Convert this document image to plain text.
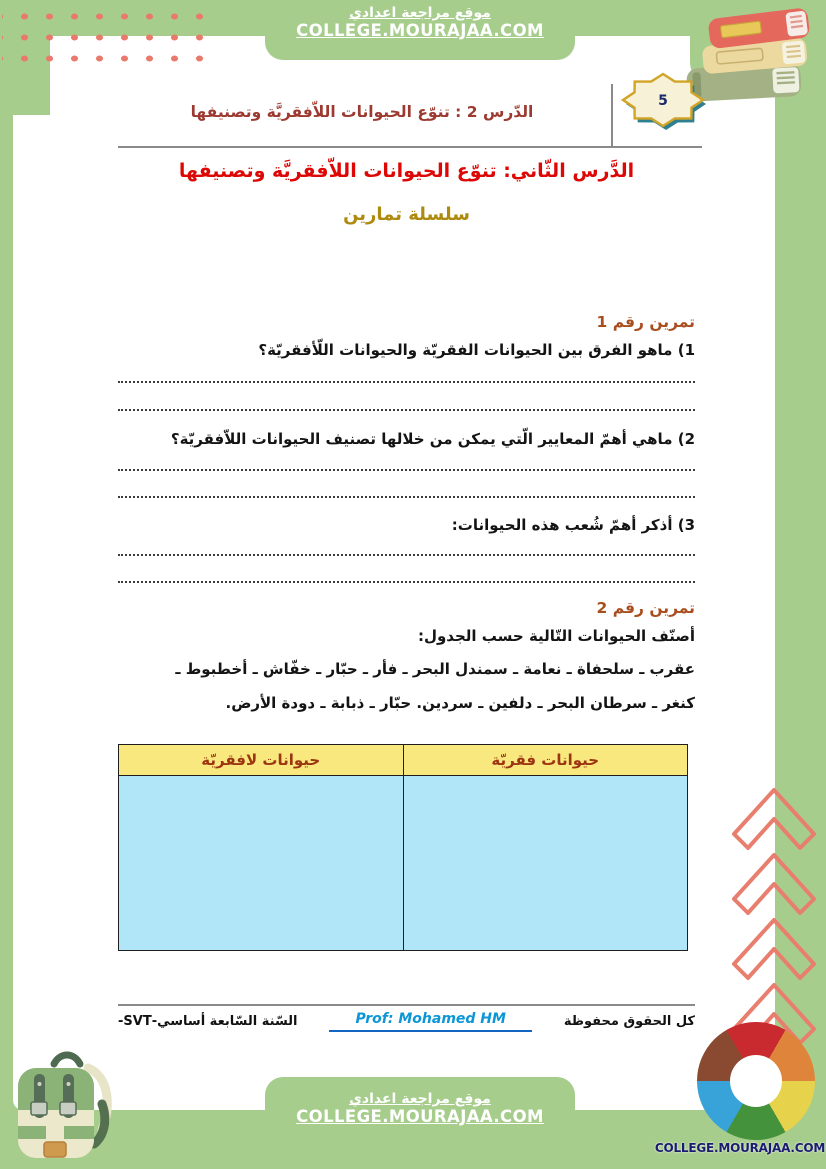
موقع مراجعة اعدادي
COLLEGE.MOURAJAA.COM
5
الدّرس 2 : تنوّع الحيوانات اللاّفقريَّة وتصنيفها
الدَّرس الثّاني: تنوّع الحيوانات اللاّفقريَّة وتصنيفها
سلسلة تمارين
تمرين رقم 1
1) ماهو الفرق بين الحيوانات الفقريّة والحيوانات اللّأفقريّة؟
2) ماهي أهمّ المعايير الّتي يمكن من خلالها تصنيف الحيوانات اللاّفقريّة؟
3) أذكر أهمّ شُعب هذه الحيوانات:
تمرين رقم 2
أصنّف الحيوانات التّالية حسب الجدول:
عقرب ـ سلحفاة ـ نعامة ـ سمندل البحر ـ فأر ـ حبّار ـ خفّاش ـ أخطبوط ـ
كنغر ـ سرطان البحر ـ دلفين ـ سردين. حبّار ـ ذبابة ـ دودة الأرض.
حيوانات فقريّة	حيوانات لافقريّة

السّنة السّابعة أساسي-SVT-	Prof: Mohamed HM	كل الحقوق محفوظة
موقع مراجعة اعدادي
COLLEGE.MOURAJAA.COM
COLLEGE.MOURAJAA.COM
